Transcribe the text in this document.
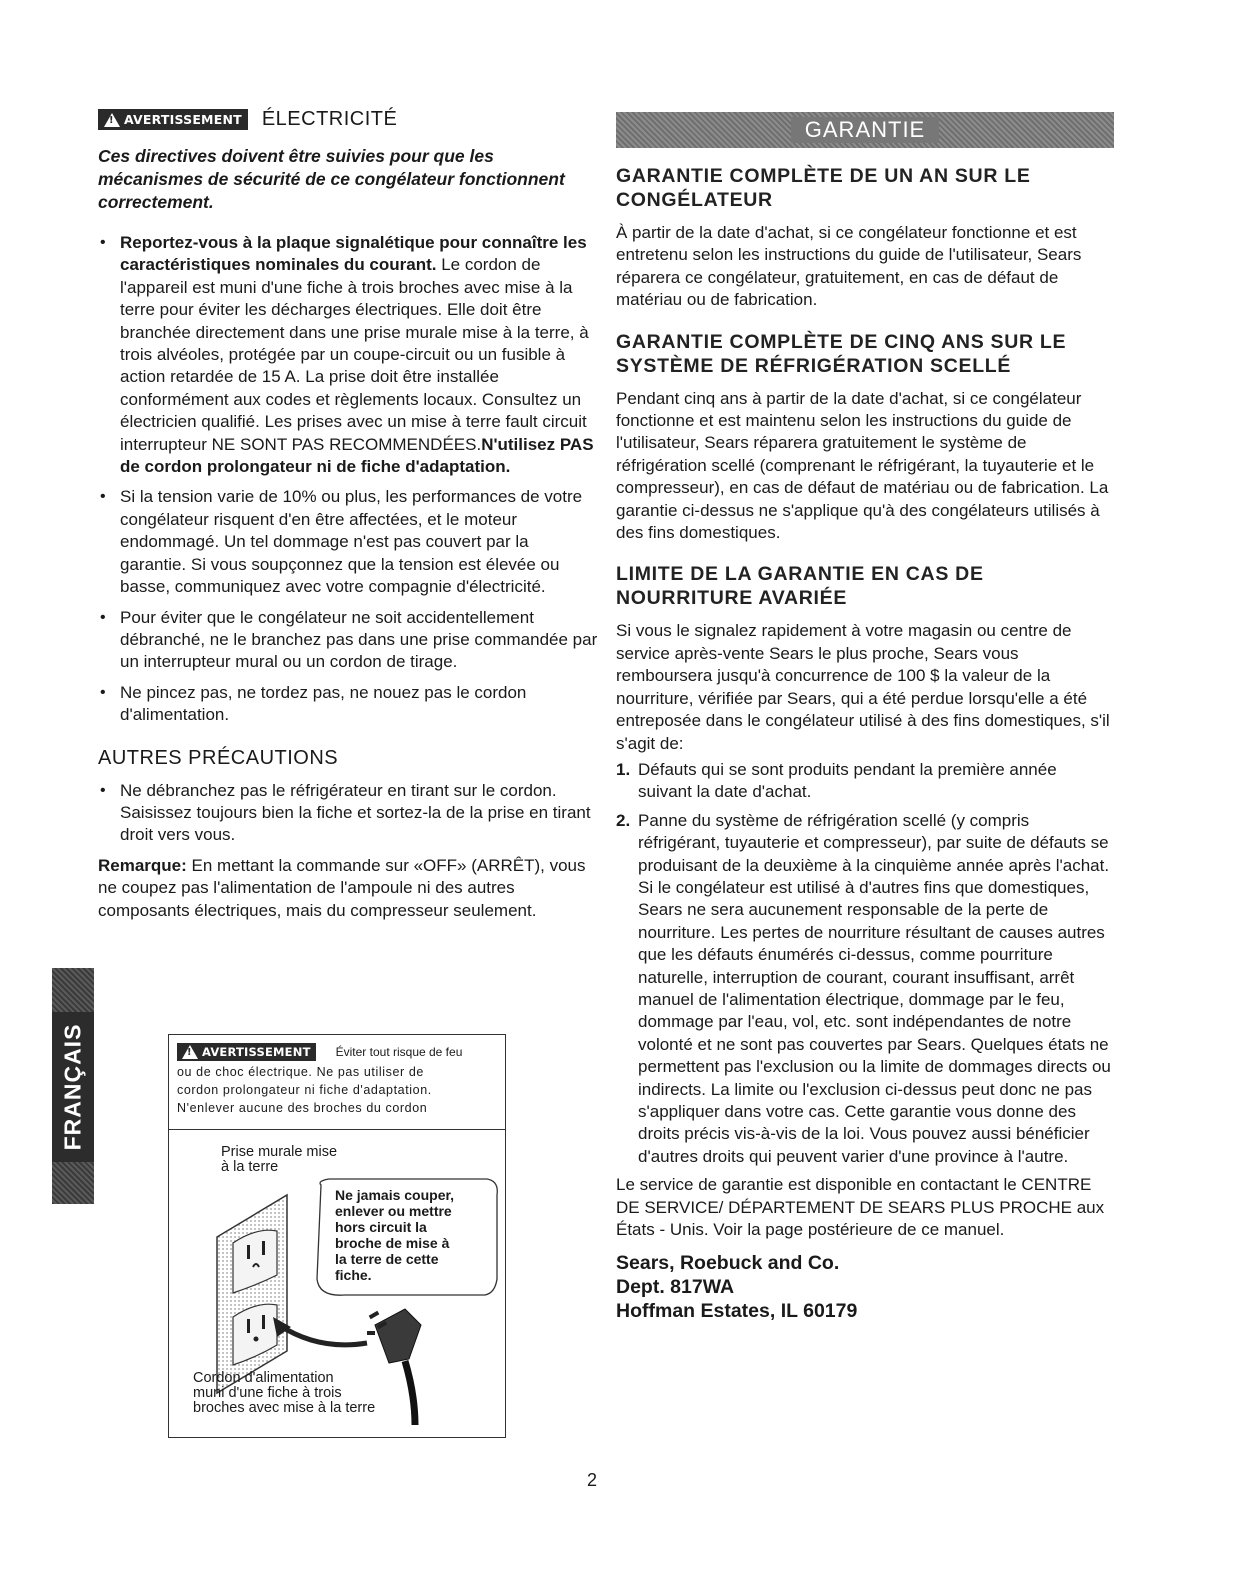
! AVERTISSEMENT ÉLECTRICITÉ

Ces directives doivent être suivies pour que les mécanismes de sécurité de ce congélateur fonctionnent correctement.

• Reportez-vous à la plaque signalétique pour connaître les caractéristiques nominales du courant. Le cordon de l'appareil est muni d'une fiche à trois broches avec mise à la terre pour éviter les décharges électriques. Elle doit être branchée directement dans une prise murale mise à la terre, à trois alvéoles, protégée par un coupe-circuit ou un fusible à action retardée de 15 A. La prise doit être installée conformément aux codes et règlements locaux. Consultez un électricien qualifié. Les prises avec un mise à terre fault circuit interrupteur NE SONT PAS RECOMMENDÉES.N'utilisez PAS de cordon prolongateur ni de fiche d'adaptation.
• Si la tension varie de 10% ou plus, les performances de votre congélateur risquent d'en être affectées, et le moteur endommagé. Un tel dommage n'est pas couvert par la garantie. Si vous soupçonnez que la tension est élevée ou basse, communiquez avec votre compagnie d'électricité.
• Pour éviter que le congélateur ne soit accidentellement débranché, ne le branchez pas dans une prise commandée par un interrupteur mural ou un cordon de tirage.
• Ne pincez pas, ne tordez pas, ne nouez pas le cordon d'alimentation.
AUTRES PRÉCAUTIONS
• Ne débranchez pas le réfrigérateur en tirant sur le cordon. Saisissez toujours bien la fiche et sortez-la de la prise en tirant droit vers vous.

Remarque: En mettant la commande sur «OFF» (ARRÊT), vous ne coupez pas l'alimentation de l'ampoule ni des autres composants électriques, mais du compresseur seulement.

FRANÇAIS	! AVERTISSEMENT Éviter tout risque de feu
ou de choc électrique. Ne pas utiliser de
cordon prolongateur ni fiche d'adaptation.
N'enlever aucune des broches du cordon
Prise murale mise
à la terre
Ne jamais couper,
enlever ou mettre
hors circuit la
broche de mise à
la terre de cette
fiche.
Cordon d'alimentation
muni d'une fiche à trois
broches avec mise à la terre
GARANTIE
GARANTIE COMPLÈTE DE UN AN SUR LE CONGÉLATEUR

À partir de la date d'achat, si ce congélateur fonctionne et est entretenu selon les instructions du guide de l'utilisateur, Sears réparera ce congélateur, gratuitement, en cas de défaut de matériau ou de fabrication.

GARANTIE COMPLÈTE DE CINQ ANS SUR LE SYSTÈME DE RÉFRIGÉRATION SCELLÉ

Pendant cinq ans à partir de la date d'achat, si ce congélateur fonctionne et est maintenu selon les instructions du guide de l'utilisateur, Sears réparera gratuitement le système de réfrigération scellé (comprenant le réfrigérant, la tuyauterie et le compresseur), en cas de défaut de matériau ou de fabrication. La garantie ci-dessus ne s'applique qu'à des congélateurs utilisés à des fins domestiques.

LIMITE DE LA GARANTIE EN CAS DE NOURRITURE AVARIÉE

Si vous le signalez rapidement à votre magasin ou centre de service après-vente Sears le plus proche, Sears vous remboursera jusqu'à concurrence de 100 $ la valeur de la nourriture, vérifiée par Sears, qui a été perdue lorsqu'elle a été entreposée dans le congélateur utilisé à des fins domestiques, s'il s'agit de:

1. Défauts qui se sont produits pendant la première année suivant la date d'achat.
2. Panne du système de réfrigération scellé (y compris réfrigérant, tuyauterie et compresseur), par suite de défauts se produisant de la deuxième à la cinquième année après l'achat. Si le congélateur est utilisé à d'autres fins que domestiques, Sears ne sera aucunement responsable de la perte de nourriture. Les pertes de nourriture résultant de causes autres que les défauts énumérés ci-dessus, comme pourriture naturelle, interruption de courant, courant insuffisant, arrêt manuel de l'alimentation électrique, dommage par le feu, dommage par l'eau, vol, etc. sont indépendantes de notre volonté et ne sont pas couvertes par Sears. Quelques états ne permettent pas l'exclusion ou la limite de dommages directs ou indirects. La limite ou l'exclusion ci-dessus peut donc ne pas s'appliquer dans votre cas. Cette garantie vous donne des droits précis vis-à-vis de la loi. Vous pouvez aussi bénéficier d'autres droits qui peuvent varier d'une province à l'autre.

Le service de garantie est disponible en contactant le CENTRE DE SERVICE/ DÉPARTEMENT DE SEARS PLUS PROCHE aux États - Unis. Voir la page postérieure de ce manuel.

Sears, Roebuck and Co.
Dept. 817WA
Hoffman Estates, IL 60179
2
